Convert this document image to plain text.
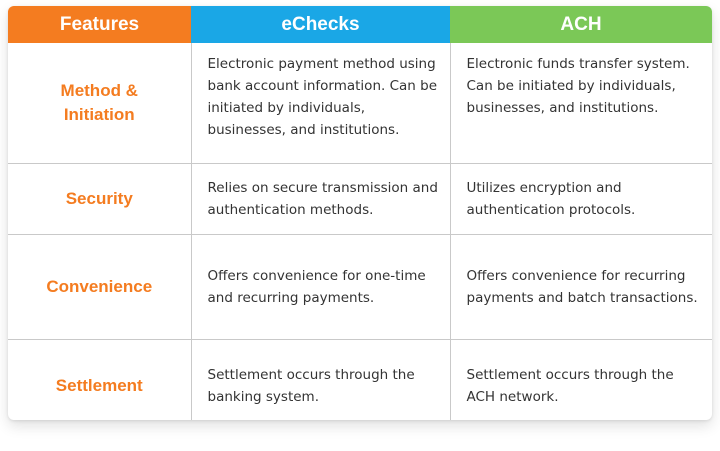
Features	eChecks	ACH
Method & Initiation	Electronic payment method using bank account information. Can be initiated by individuals, businesses, and institutions.	Electronic funds transfer system. Can be initiated by individuals, businesses, and institutions.
Security	Relies on secure transmission and authentication methods.	Utilizes encryption and authentication protocols.
Convenience	Offers convenience for one-time and recurring payments.	Offers convenience for recurring payments and batch transactions.
Settlement	Settlement occurs through the banking system.	Settlement occurs through the ACH network.
